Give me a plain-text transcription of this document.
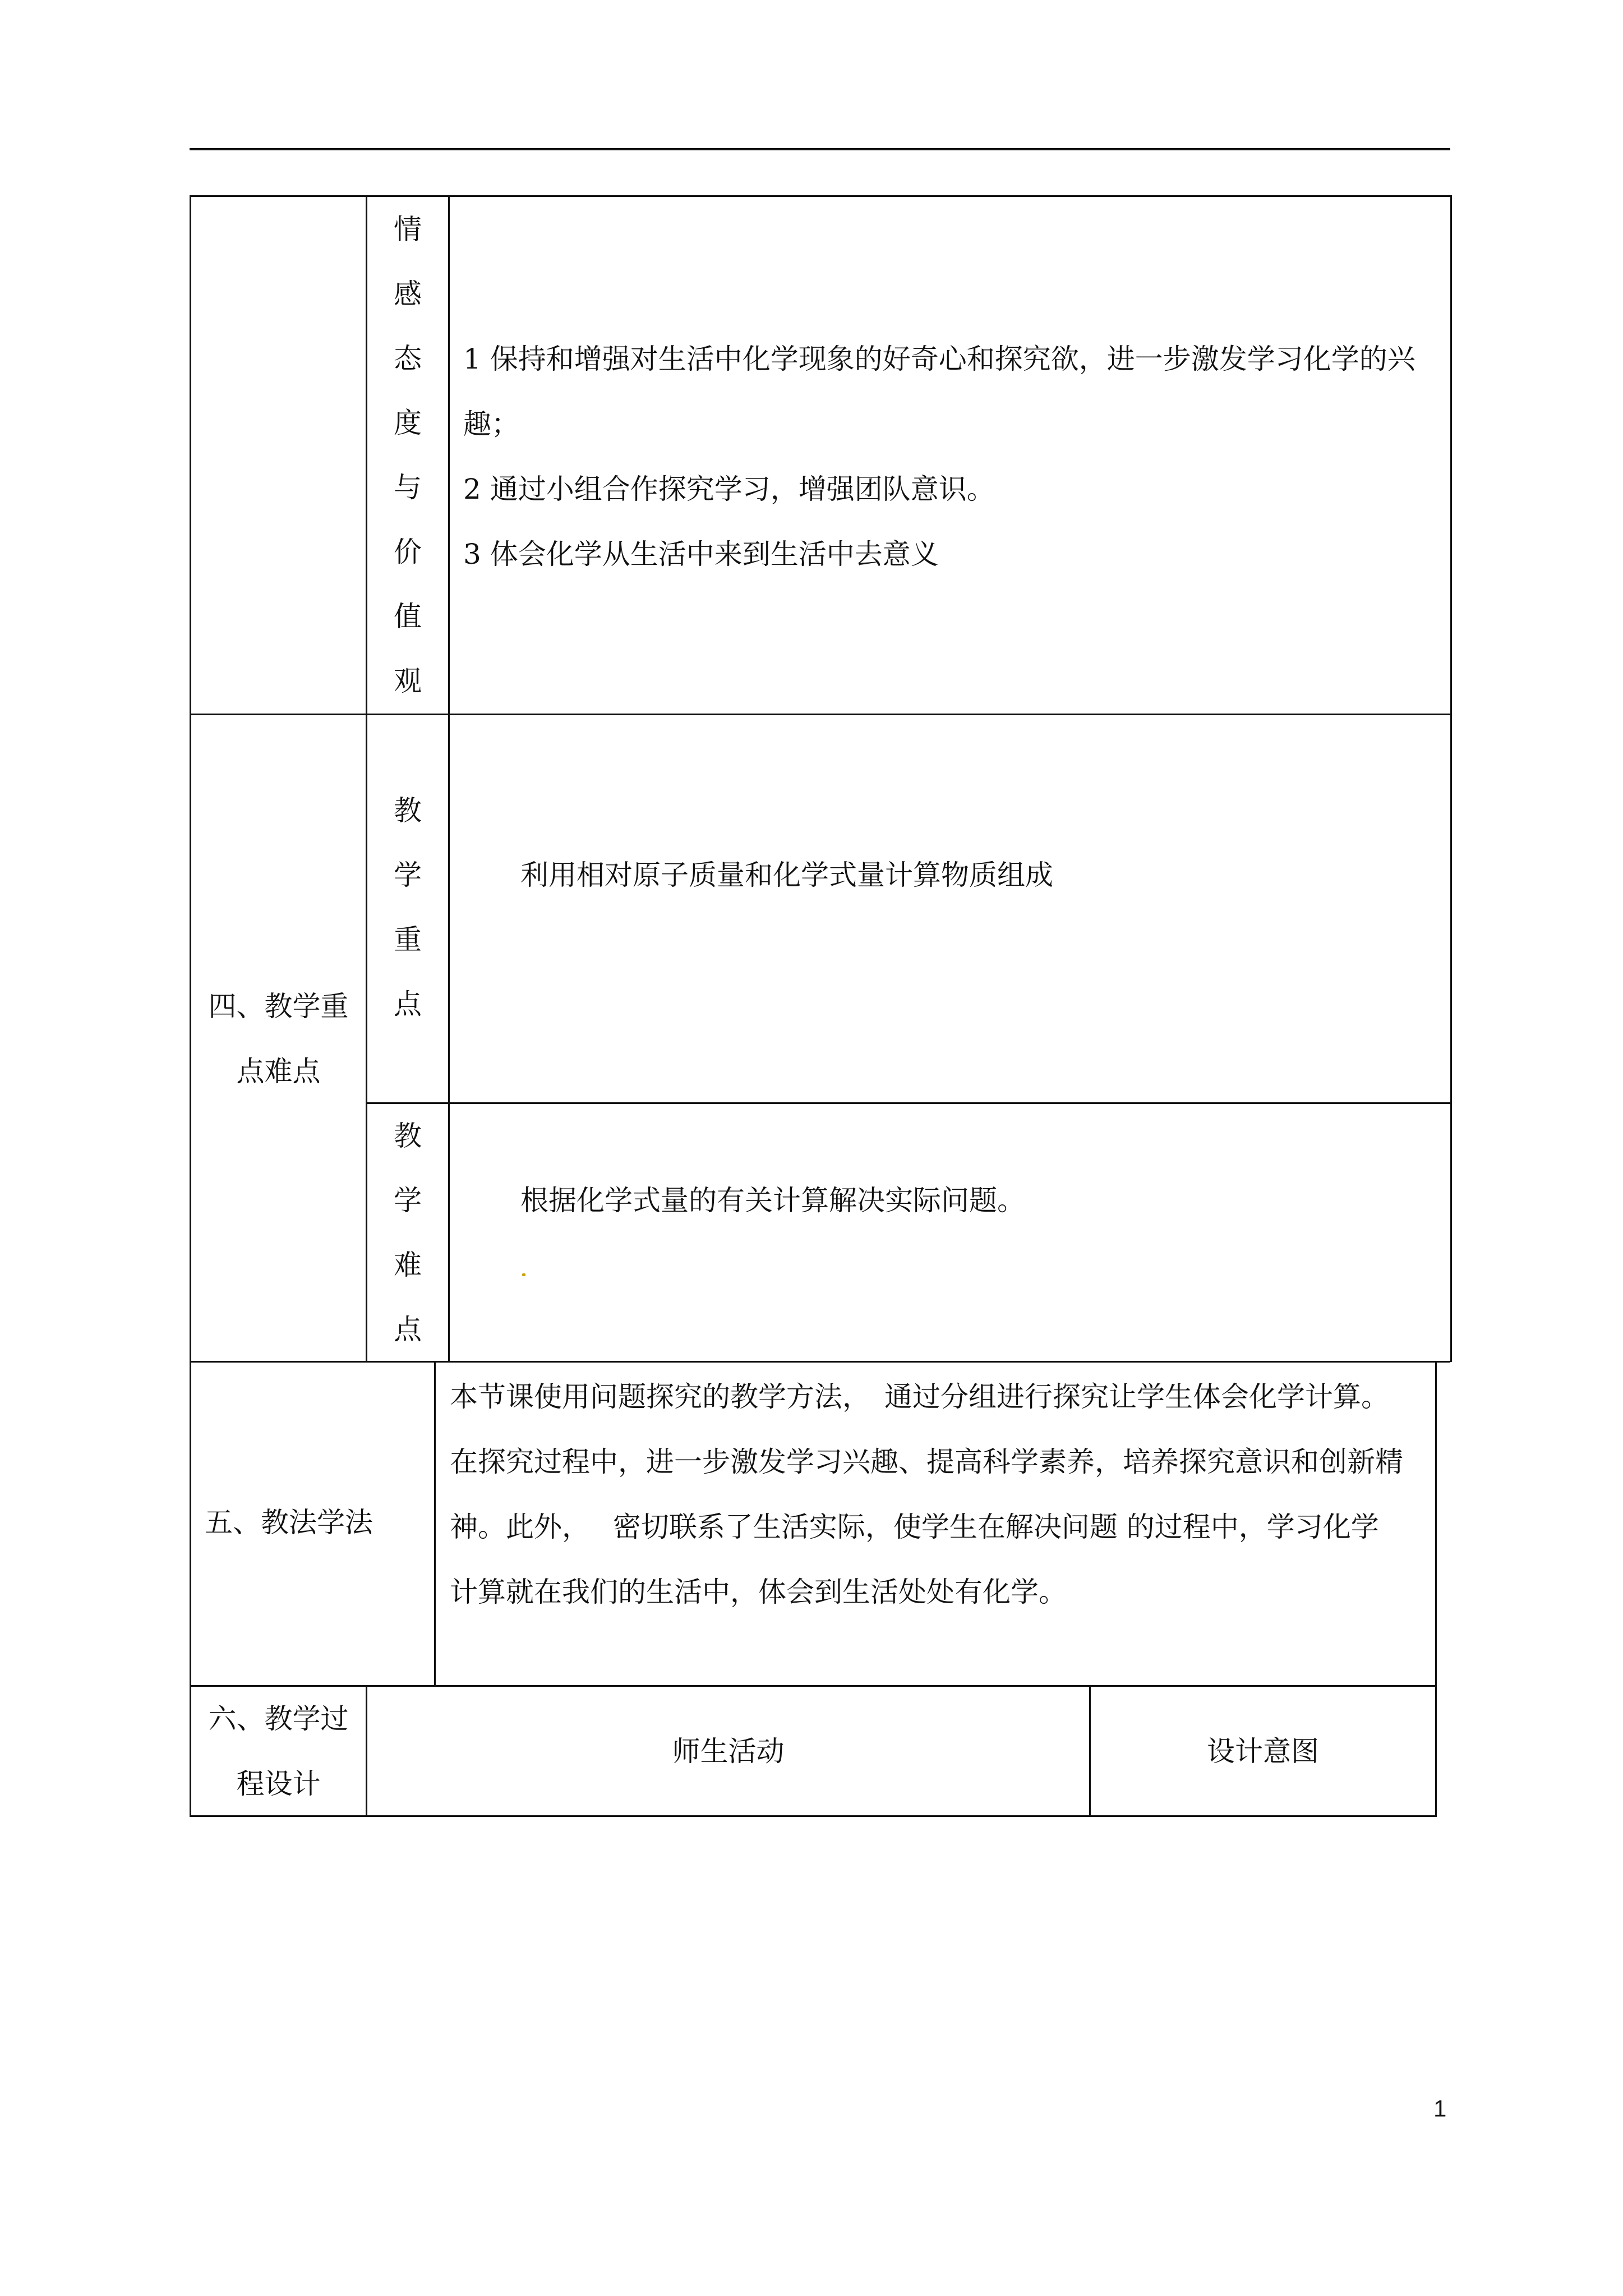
情
感
态
度
与
价
值
观
1 保持和增强对生活中化学现象的好奇心和探究欲，进一步激发学习化学的兴
趣；
2 通过小组合作探究学习，增强团队意识。
3 体会化学从生活中来到生活中去意义
四、教学重
点难点
教
学
重
点
利用相对原子质量和化学式量计算物质组成
教
学
难
点
根据化学式量的有关计算解决实际问题。
五、教法学法
本节课使用问题探究的教学方法，　通过分组进行探究让学生体会化学计算。
在探究过程中，进一步激发学习兴趣、提高科学素养，培养探究意识和创新精
神。此外，　 密切联系了生活实际，使学生在解决问题 的过程中，学习化学
计算就在我们的生活中，体会到生活处处有化学。
六、教学过
程设计
师生活动	设计意图
1
